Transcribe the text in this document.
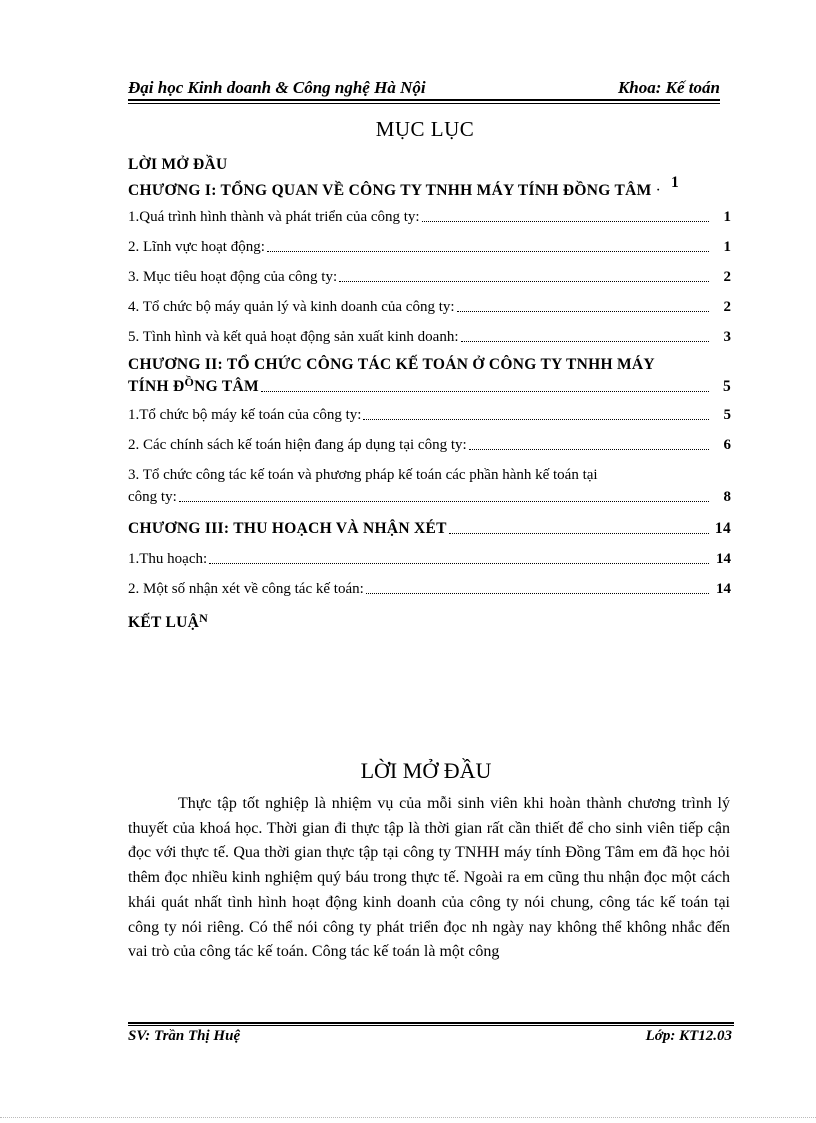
Đại học Kinh doanh & Công nghệ Hà Nội	Khoa: Kế toán
MỤC LỤC
LỜI MỞ ĐẦU
CHƯƠNG I: TỔNG QUAN VỀ CÔNG TY TNHH MÁY TÍNH ĐỒNG TÂM · 1
1.Quá trình hình thành và phát triển của công ty:	1
2. Lĩnh vực hoạt động:	1
3. Mục tiêu hoạt động của công ty:	2
4. Tổ chức bộ máy quản lý và kinh doanh của công ty:	2
5. Tình hình và kết quả hoạt động sản xuất kinh doanh:	3
CHƯƠNG II: TỔ CHỨC CÔNG TÁC KẾ TOÁN Ở CÔNG TY TNHH MÁY
TÍNH $Đ^ỒNG$ TÂM	5
1.Tổ chức bộ máy kế toán của công ty:	5
2. Các chính sách kế toán hiện đang áp dụng tại công ty:	6
3. Tổ chức công tác kế toán và phương pháp kế toán các phần hành kế toán tại
công ty:	8
CHƯƠNG III: THU HOẠCH VÀ NHẬN XÉT	14
1.Thu hoạch:	14
2. Một số nhận xét về công tác kế toán:	14
KẾT LUẬ$^N$
LỜI MỞ ĐẦU
Thực tập tốt nghiệp là nhiệm vụ của mỗi sinh viên khi hoàn thành chương trình lý thuyết của khoá học. Thời gian đi thực tập là thời gian rất cần thiết để cho sinh viên tiếp cận đọc với thực tế. Qua thời gian thực tập tại công ty TNHH máy tính Đồng Tâm em đã học hỏi thêm đọc nhiều kinh nghiệm quý báu trong thực tế. Ngoài ra em cũng thu nhận đọc một cách khái quát nhất tình hình hoạt động kinh doanh của công ty nói chung, công tác kế toán tại công ty nói riêng. Có thể nói công ty phát triển đọc nh ngày nay không thể không nhắc đến vai trò của công tác kế toán. Công tác kế toán là một công
SV: Trần Thị Huệ	Lớp: KT12.03
